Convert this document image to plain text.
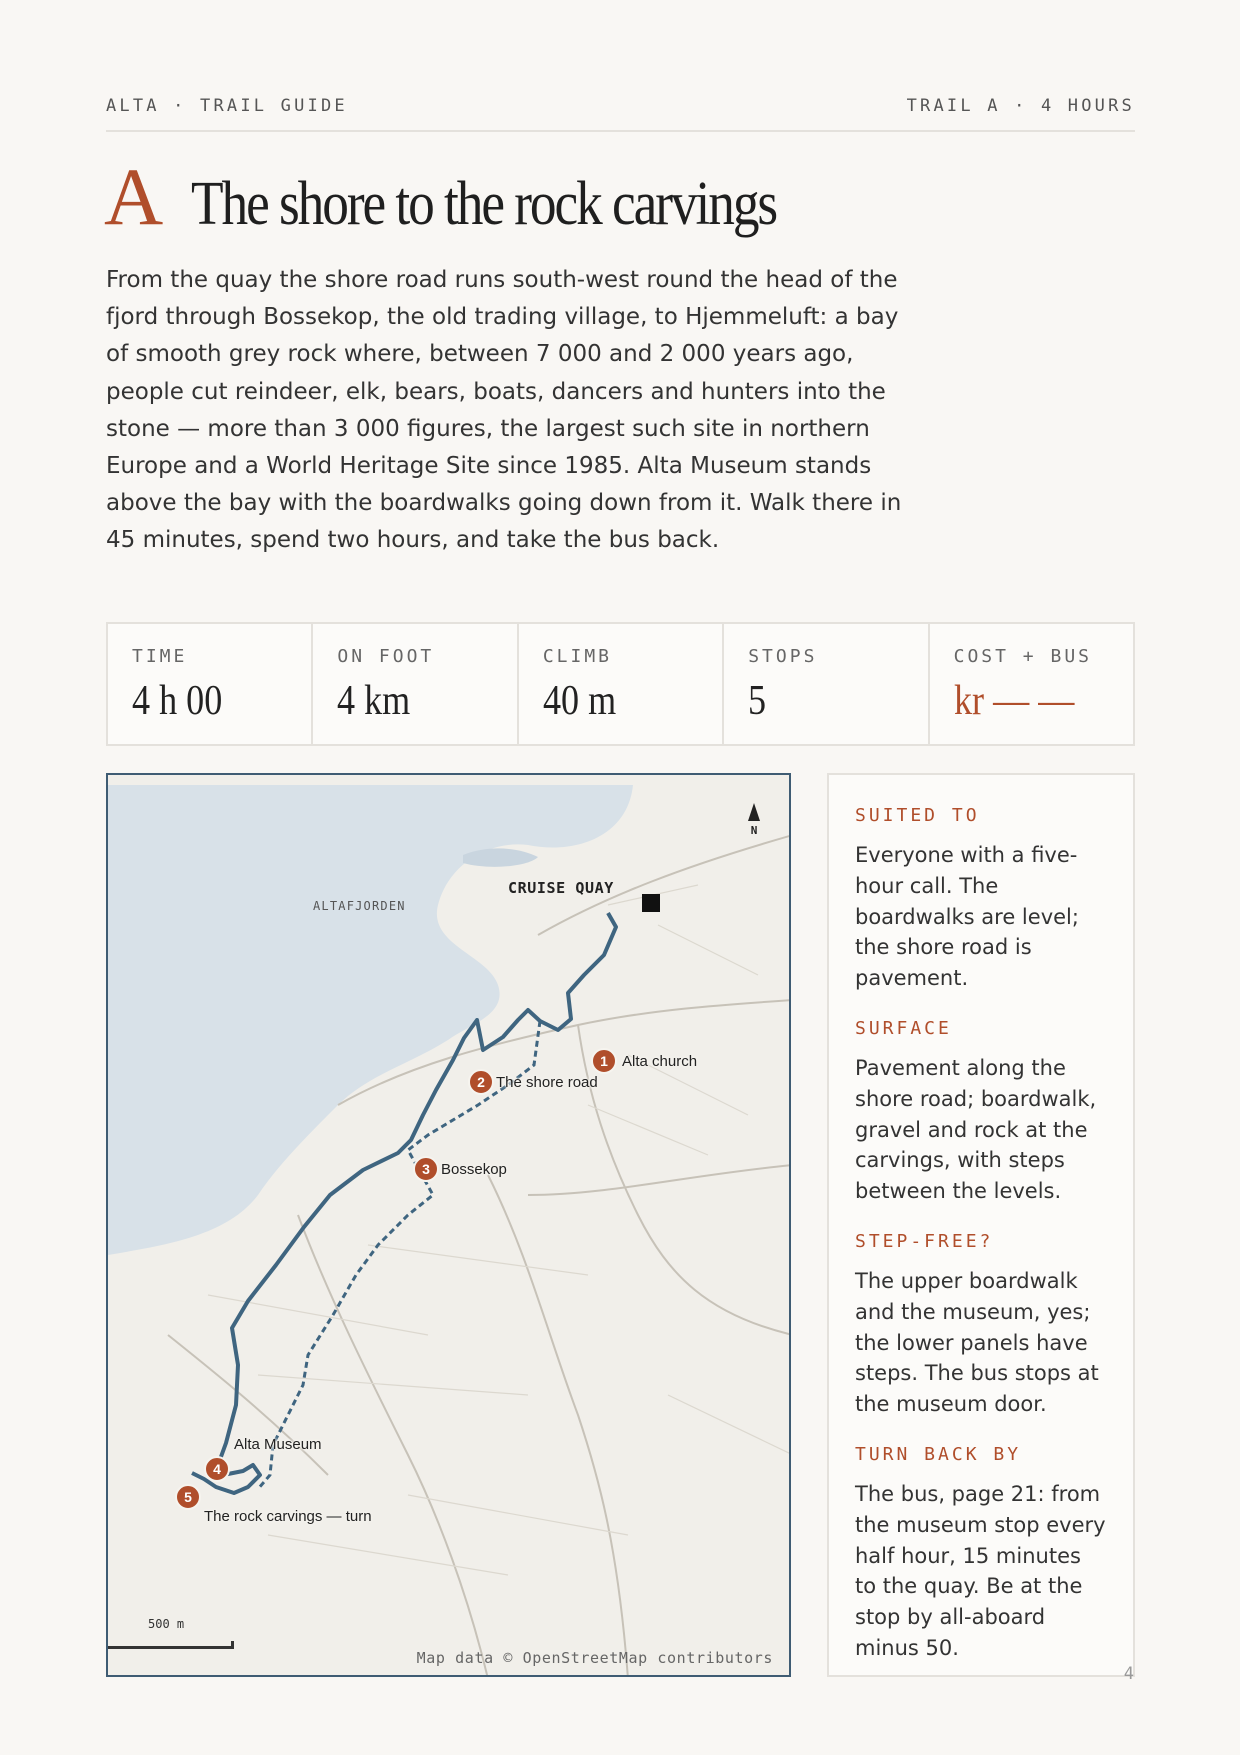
ALTA · TRAIL GUIDE	TRAIL A · 4 HOURS
A The shore to the rock carvings

From the quay the shore road runs south-west round the head of the fjord through Bossekop, the old trading village, to Hjemmeluft: a bay of smooth grey rock where, between 7 000 and 2 000 years ago, people cut reindeer, elk, bears, boats, dancers and hunters into the stone — more than 3 000 figures, the largest such site in northern Europe and a World Heritage Site since 1985. Alta Museum stands above the bay with the boardwalks going down from it. Walk there in 45 minutes, spend two hours, and take the bus back.

TIME
4 h 00
ON FOOT
4 km
CLIMB
40 m
STOPS
5
COST + BUS
kr — —
N
ALTAFJORDEN
CRUISE QUAY
1 Alta church
2 The shore road
3 Bossekop
4
Alta Museum
5
The rock carvings — turn
500 m
Map data © OpenStreetMap contributors
SUITED TO

Everyone with a five-hour call. The boardwalks are level; the shore road is pavement.

SURFACE

Pavement along the shore road; boardwalk, gravel and rock at the carvings, with steps between the levels.

STEP-FREE?

The upper boardwalk and the museum, yes; the lower panels have steps. The bus stops at the museum door.

TURN BACK BY

The bus, page 21: from the museum stop every half hour, 15 minutes to the quay. Be at the stop by all-aboard minus 50.

4
